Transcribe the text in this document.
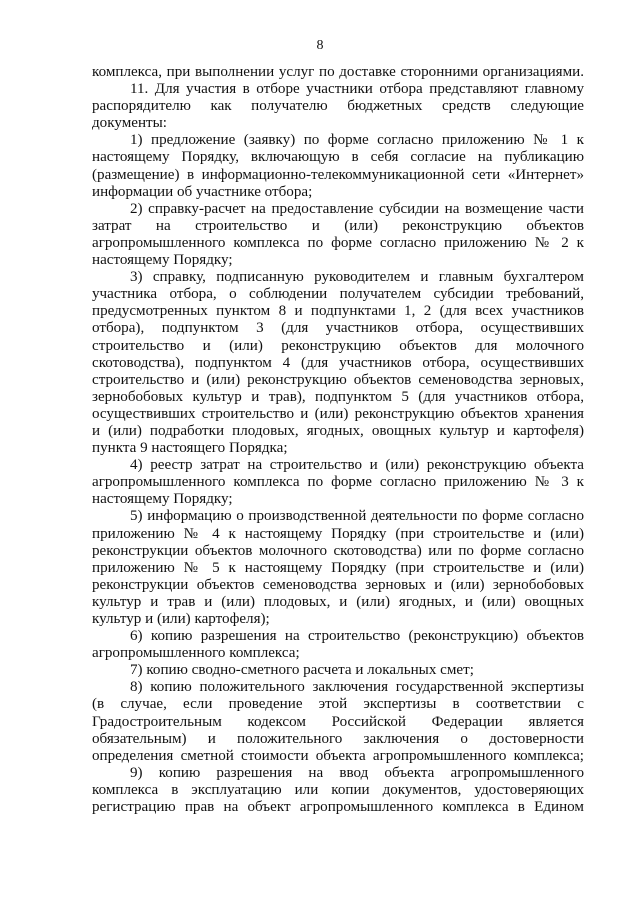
8
комплекса, при выполнении услуг по доставке сторонними организациями.
11. Для участия в отборе участники отбора представляют главному
распорядителю как получателю бюджетных средств следующие
документы:
1) предложение (заявку) по форме согласно приложению № 1 к
настоящему Порядку, включающую в себя согласие на публикацию
(размещение) в информационно-телекоммуникационной сети «Интернет»
информации об участнике отбора;
2) справку-расчет на предоставление субсидии на возмещение части
затрат на строительство и (или) реконструкцию объектов
агропромышленного комплекса по форме согласно приложению № 2 к
настоящему Порядку;
3) справку, подписанную руководителем и главным бухгалтером
участника отбора, о соблюдении получателем субсидии требований,
предусмотренных пунктом 8 и подпунктами 1, 2 (для всех участников
отбора), подпунктом 3 (для участников отбора, осуществивших
строительство и (или) реконструкцию объектов для молочного
скотоводства), подпунктом 4 (для участников отбора, осуществивших
строительство и (или) реконструкцию объектов семеноводства зерновых,
зернобобовых культур и трав), подпунктом 5 (для участников отбора,
осуществивших строительство и (или) реконструкцию объектов хранения
и (или) подработки плодовых, ягодных, овощных культур и картофеля)
пункта 9 настоящего Порядка;
4) реестр затрат на строительство и (или) реконструкцию объекта
агропромышленного комплекса по форме согласно приложению № 3 к
настоящему Порядку;
5) информацию о производственной деятельности по форме согласно
приложению № 4 к настоящему Порядку (при строительстве и (или)
реконструкции объектов молочного скотоводства) или по форме согласно
приложению № 5 к настоящему Порядку (при строительстве и (или)
реконструкции объектов семеноводства зерновых и (или) зернобобовых
культур и трав и (или) плодовых, и (или) ягодных, и (или) овощных
культур и (или) картофеля);
6) копию разрешения на строительство (реконструкцию) объектов
агропромышленного комплекса;
7) копию сводно-сметного расчета и локальных смет;
8) копию положительного заключения государственной экспертизы
(в случае, если проведение этой экспертизы в соответствии с
Градостроительным кодексом Российской Федерации является
обязательным) и положительного заключения о достоверности
определения сметной стоимости объекта агропромышленного комплекса;
9) копию разрешения на ввод объекта агропромышленного
комплекса в эксплуатацию или копии документов, удостоверяющих
регистрацию прав на объект агропромышленного комплекса в Едином
